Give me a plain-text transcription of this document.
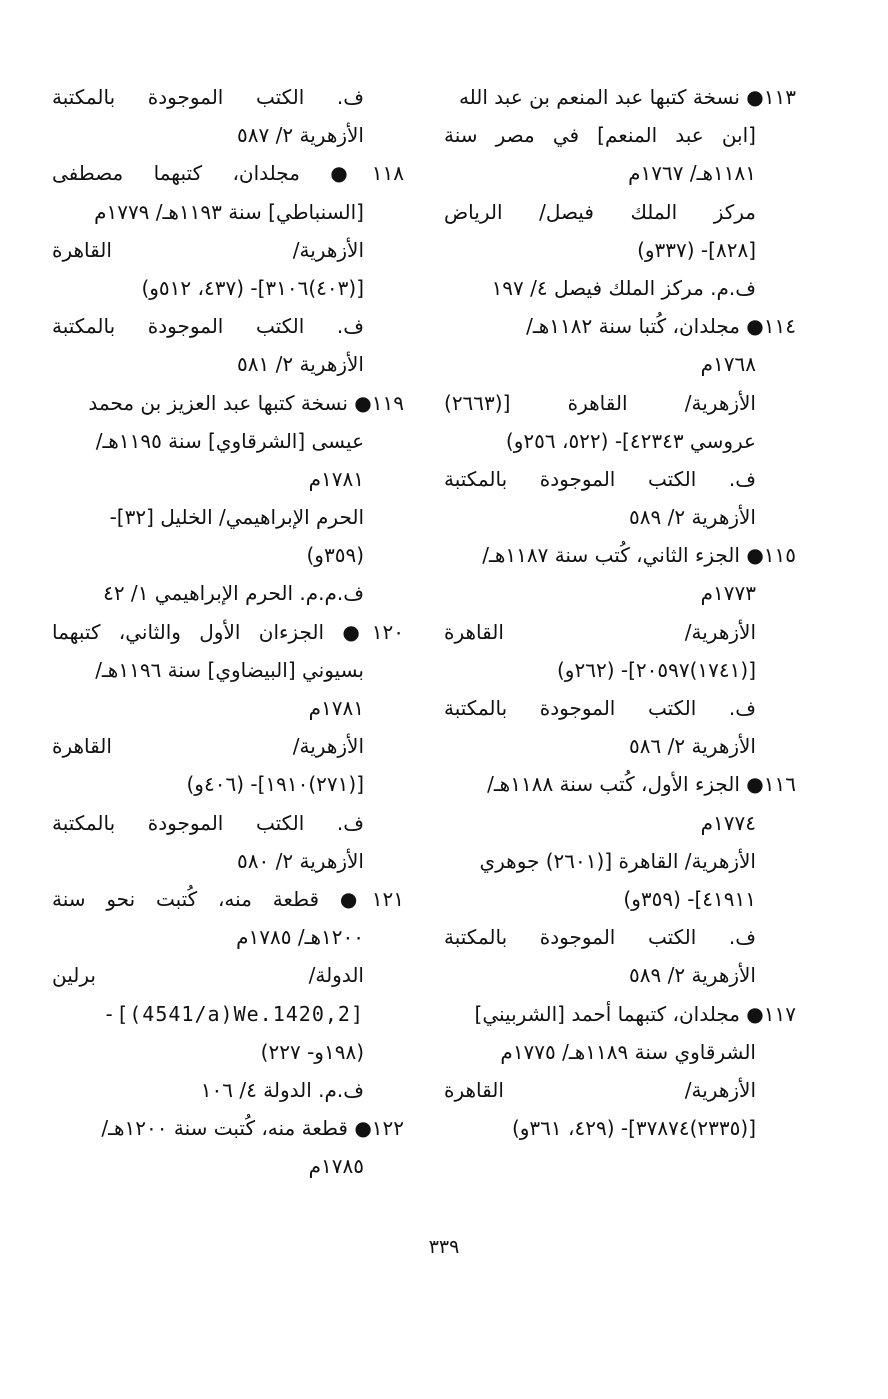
١١٣● نسخة كتبها عبد المنعم بن عبد الله
[ابن عبد المنعم] في مصر سنة
١١٨١هـ/ ١٧٦٧م
مركز الملك فيصل/ الرياض
[٨٢٨]- (٣٣٧و)
ف.م. مركز الملك فيصل ٤/ ١٩٧
١١٤● مجلدان، كُتبا سنة ١١٨٢هـ/
١٧٦٨م
الأزهرية/ القاهرة [(٢٦٦٣)
عروسي ٤٢٣٤٣]- (٥٢٢، ٢٥٦و)
ف. الكتب الموجودة بالمكتبة
الأزهرية ٢/ ٥٨٩
١١٥● الجزء الثاني، كُتب سنة ١١٨٧هـ/
١٧٧٣م
الأزهرية/ القاهرة
[(١٧٤١)٢٠٥٩٧]- (٢٦٢و)
ف. الكتب الموجودة بالمكتبة
الأزهرية ٢/ ٥٨٦
١١٦● الجزء الأول، كُتب سنة ١١٨٨هـ/
١٧٧٤م
الأزهرية/ القاهرة [(٢٦٠١) جوهري
٤١٩١١]- (٣٥٩و)
ف. الكتب الموجودة بالمكتبة
الأزهرية ٢/ ٥٨٩
١١٧● مجلدان، كتبهما أحمد [الشربيني]
الشرقاوي سنة ١١٨٩هـ/ ١٧٧٥م
الأزهرية/ القاهرة
[(٢٣٣٥)٣٧٨٧٤]- (٤٢٩، ٣٦١و)
ف. الكتب الموجودة بالمكتبة
الأزهرية ٢/ ٥٨٧
١١٨● مجلدان، كتبهما مصطفى
[السنباطي] سنة ١١٩٣هـ/ ١٧٧٩م
الأزهرية/ القاهرة
[(٤٠٣)٣١٠٦]- (٤٣٧، ٥١٢و)
ف. الكتب الموجودة بالمكتبة
الأزهرية ٢/ ٥٨١
١١٩● نسخة كتبها عبد العزيز بن محمد
عيسى [الشرقاوي] سنة ١١٩٥هـ/
١٧٨١م
الحرم الإبراهيمي/ الخليل [٣٢]-
(٣٥٩و)
ف.م.م. الحرم الإبراهيمي ١/ ٤٢
١٢٠● الجزءان الأول والثاني، كتبهما
بسيوني [البيضاوي] سنة ١١٩٦هـ/
١٧٨١م
الأزهرية/ القاهرة
[(٢٧١)١٩١٠]- (٤٠٦و)
ف. الكتب الموجودة بالمكتبة
الأزهرية ٢/ ٥٨٠
١٢١● قطعة منه، كُتبت نحو سنة
١٢٠٠هـ/ ١٧٨٥م
الدولة/ برلين
-[(4541/a)We.1420,2]
(١٩٨و- ٢٢٧)
ف.م. الدولة ٤/ ١٠٦
١٢٢● قطعة منه، كُتبت سنة ١٢٠٠هـ/
١٧٨٥م
٣٣٩
